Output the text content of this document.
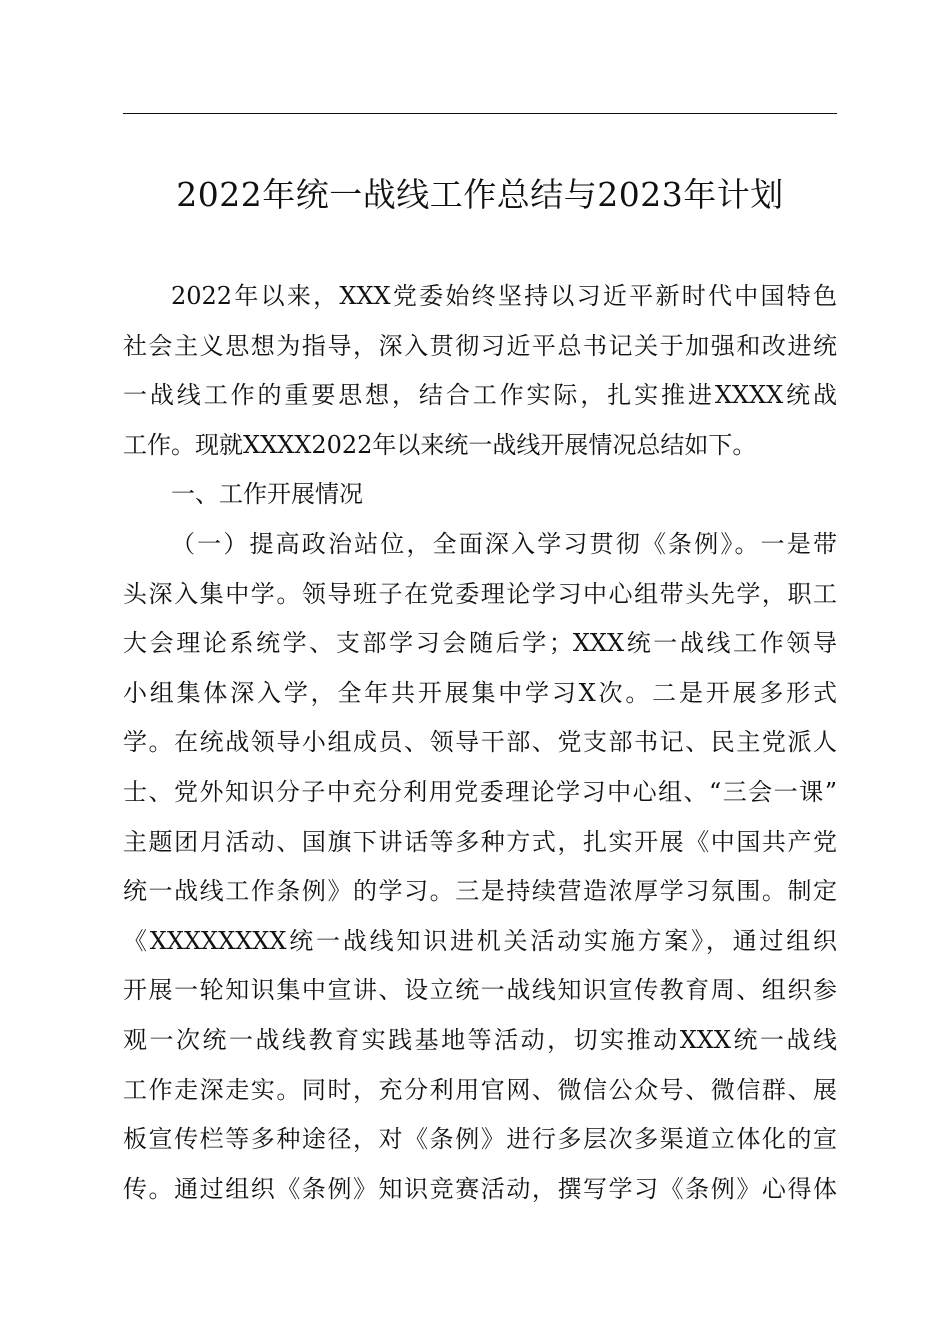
2022年统一战线工作总结与2023年计划
2022年以来，XXX党委始终坚持以习近平新时代中国特色
社会主义思想为指导，深入贯彻习近平总书记关于加强和改进统
一战线工作的重要思想，结合工作实际，扎实推进XXXX统战
工作。现就XXXX2022年以来统一战线开展情况总结如下。
一、工作开展情况
（一）提高政治站位，全面深入学习贯彻《条例》。一是带
头深入集中学。领导班子在党委理论学习中心组带头先学，职工
大会理论系统学、支部学习会随后学；XXX统一战线工作领导
小组集体深入学，全年共开展集中学习X次。二是开展多形式
学。在统战领导小组成员、领导干部、党支部书记、民主党派人
士、党外知识分子中充分利用党委理论学习中心组、“三会一课”
主题团月活动、国旗下讲话等多种方式，扎实开展《中国共产党
统一战线工作条例》的学习。三是持续营造浓厚学习氛围。制定
《XXXXXXXX统一战线知识进机关活动实施方案》，通过组织
开展一轮知识集中宣讲、设立统一战线知识宣传教育周、组织参
观一次统一战线教育实践基地等活动，切实推动XXX统一战线
工作走深走实。同时，充分利用官网、微信公众号、微信群、展
板宣传栏等多种途径，对《条例》进行多层次多渠道立体化的宣
传。通过组织《条例》知识竞赛活动，撰写学习《条例》心得体
